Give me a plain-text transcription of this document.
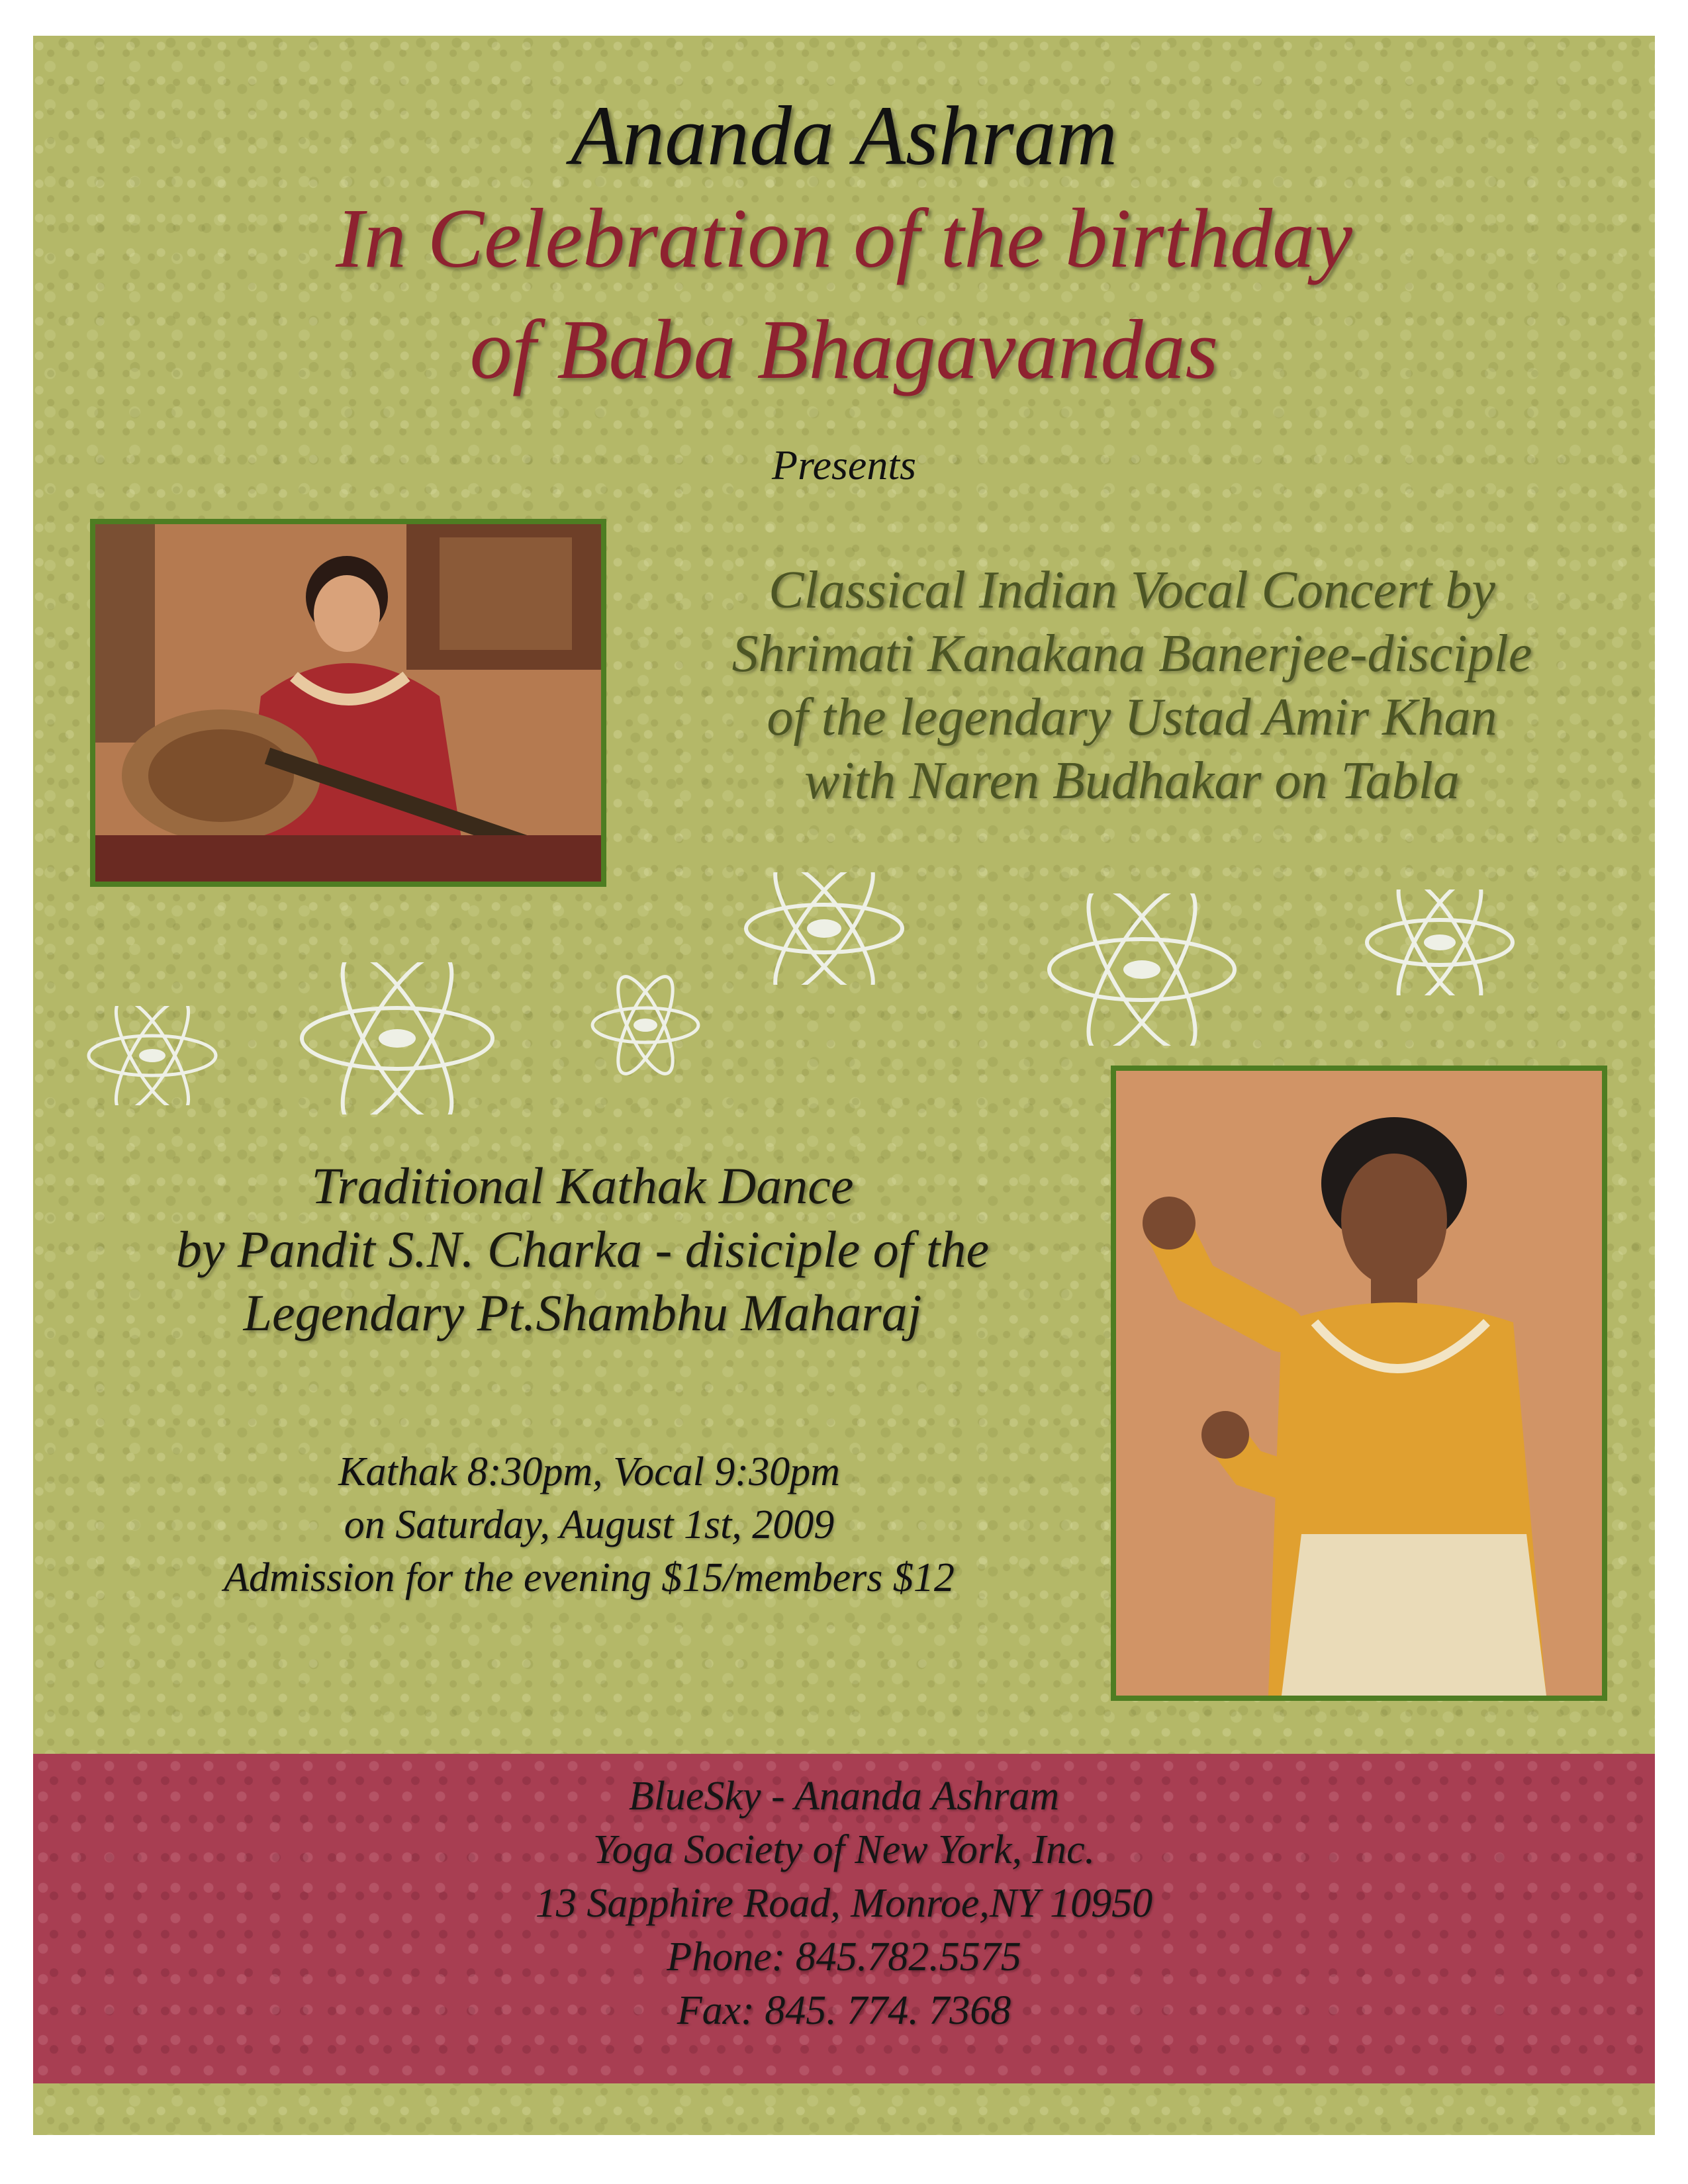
Ananda Ashram

In Celebration of the birthday
of Baba Bhagavandas

Presents

Classical Indian Vocal Concert by
Shrimati Kanakana Banerjee-disciple
of the legendary Ustad Amir Khan
with Naren Budhakar on Tabla
Traditional Kathak Dance
by Pandit S.N. Charka - disiciple of the
Legendary Pt.Shambhu Maharaj
Kathak 8:30pm, Vocal 9:30pm
on Saturday, August 1st, 2009
Admission for the evening $15/members $12
BlueSky - Ananda Ashram
Yoga Society of New York, Inc.
13 Sapphire Road, Monroe,NY 10950
Phone: 845.782.5575
Fax: 845. 774. 7368
